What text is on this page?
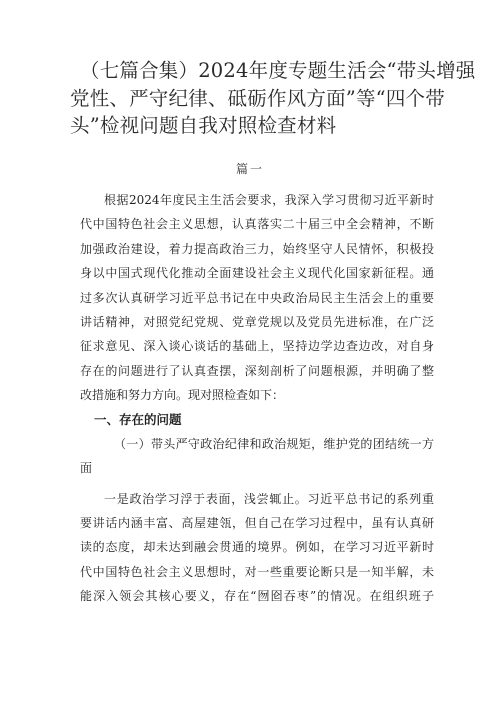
（七篇合集）2024年度专题生活会“带头增强
党性、严守纪律、砥砺作风方面”等“四个带
头”检视问题自我对照检查材料
篇一
根据2024年度民主生活会要求，我深入学习贯彻习近平新时
代中国特色社会主义思想，认真落实二十届三中全会精神，不断
加强政治建设，着力提高政治三力，始终坚守人民情怀，积极投
身以中国式现代化推动全面建设社会主义现代化国家新征程。通
过多次认真研学习近平总书记在中央政治局民主生活会上的重要
讲话精神，对照党纪党规、党章党规以及党员先进标准，在广泛
征求意见、深入谈心谈话的基础上，坚持边学边查边改，对自身
存在的问题进行了认真查摆，深刻剖析了问题根源，并明确了整
改措施和努力方向。现对照检查如下：
一、存在的问题
（一）带头严守政治纪律和政治规矩，维护党的团结统一方
面
一是政治学习浮于表面，浅尝辄止。习近平总书记的系列重
要讲话内涵丰富、高屋建瓴，但自己在学习过程中，虽有认真研
读的态度，却未达到融会贯通的境界。例如，在学习习近平新时
代中国特色社会主义思想时，对一些重要论断只是一知半解，未
能深入领会其核心要义，存在“囫囵吞枣”的情况。在组织班子
